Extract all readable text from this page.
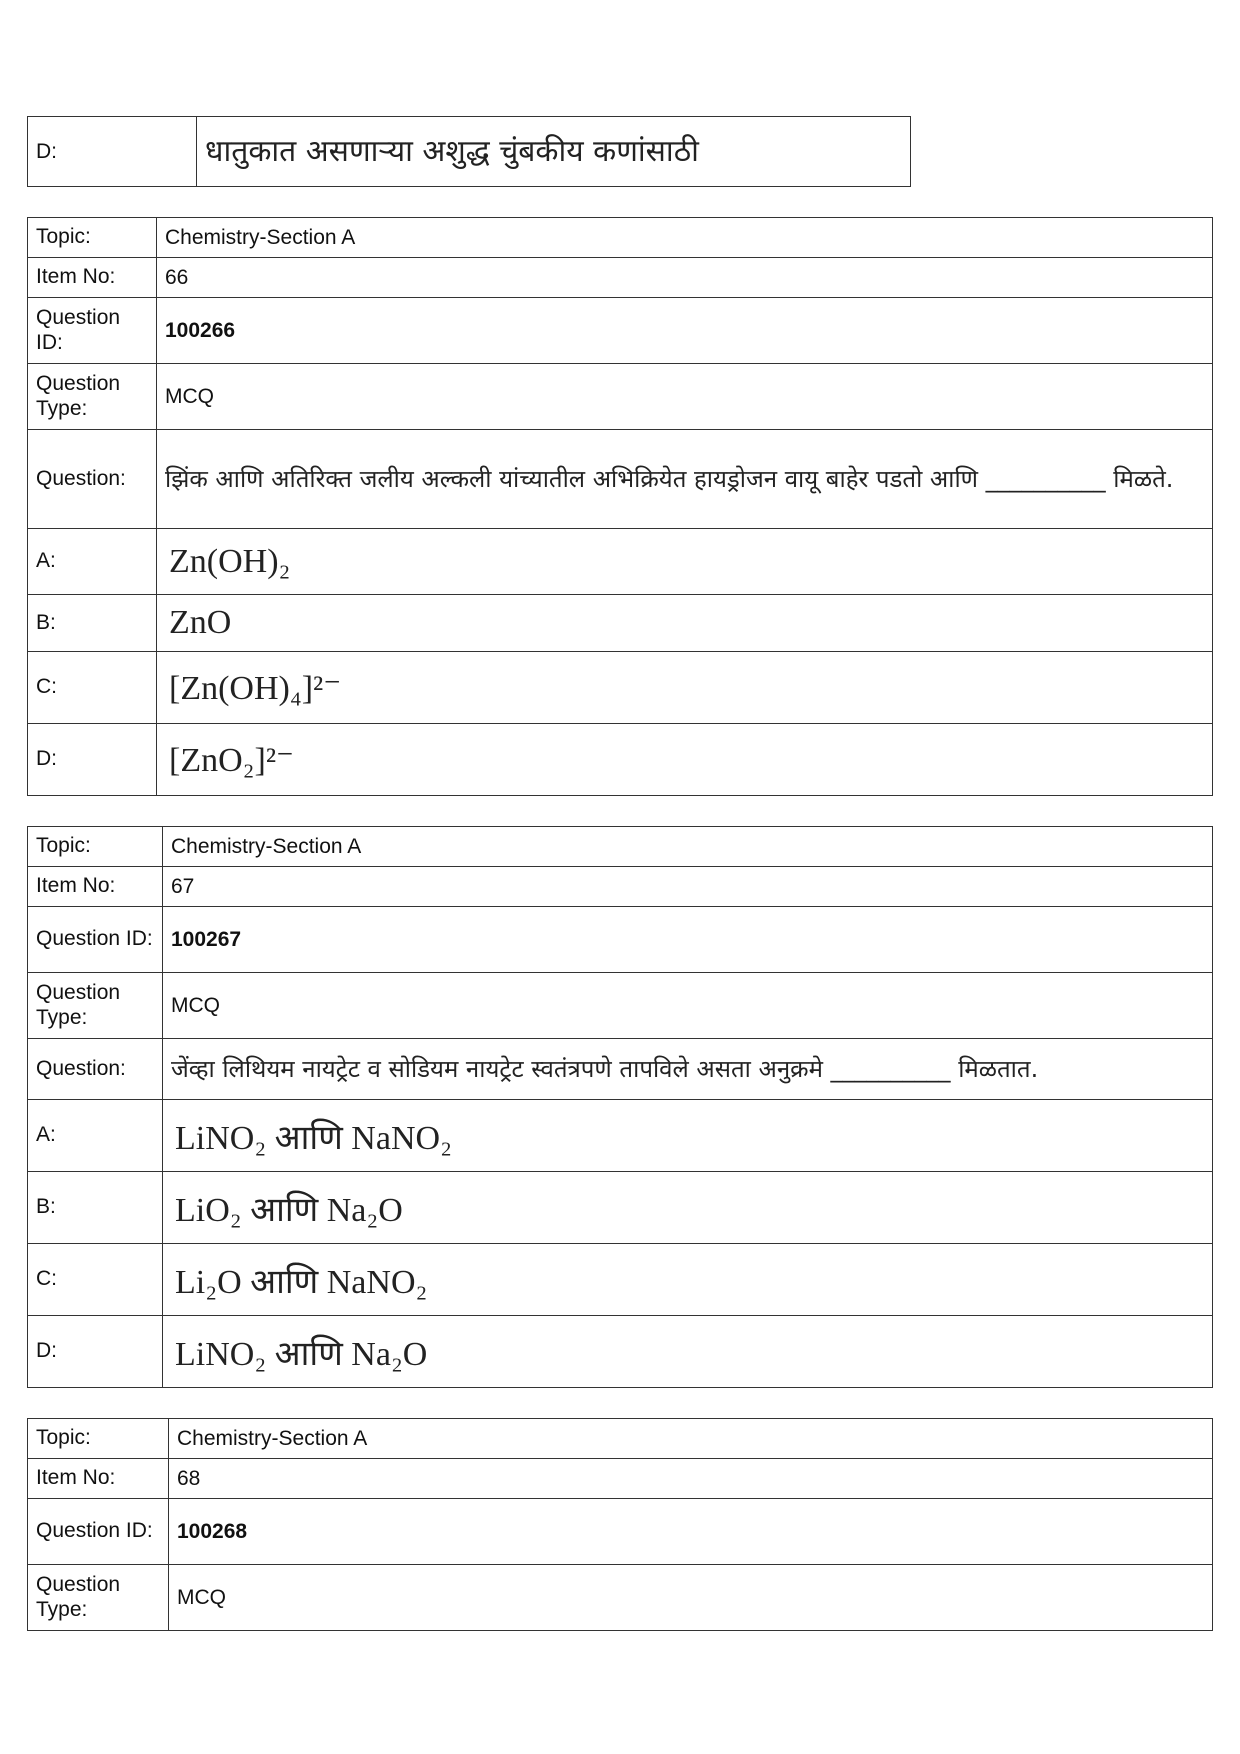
D:	धातुकात असणाऱ्या अशुद्ध चुंबकीय कणांसाठी
Topic:	Chemistry-Section A
Item No:	66
Question ID:	100266
Question Type:	MCQ
Question:	झिंक आणि अतिरिक्त जलीय अल्कली यांच्यातील अभिक्रियेत हायड्रोजन वायू बाहेर पडतो आणि __________ मिळते.
A:	Zn(OH)₂
B:	ZnO
C:	[Zn(OH)₄]²⁻
D:	[ZnO₂]²⁻
Topic:	Chemistry-Section A
Item No:	67
Question ID:	100267
Question Type:	MCQ
Question:	जेंव्हा लिथियम नायट्रेट व सोडियम नायट्रेट स्वतंत्रपणे तापविले असता अनुक्रमे __________ मिळतात.
A:	LiNO₂ आणि NaNO₂
B:	LiO₂ आणि Na₂O
C:	Li₂O आणि NaNO₂
D:	LiNO₂ आणि Na₂O
Topic:	Chemistry-Section A
Item No:	68
Question ID:	100268
Question Type:	MCQ
